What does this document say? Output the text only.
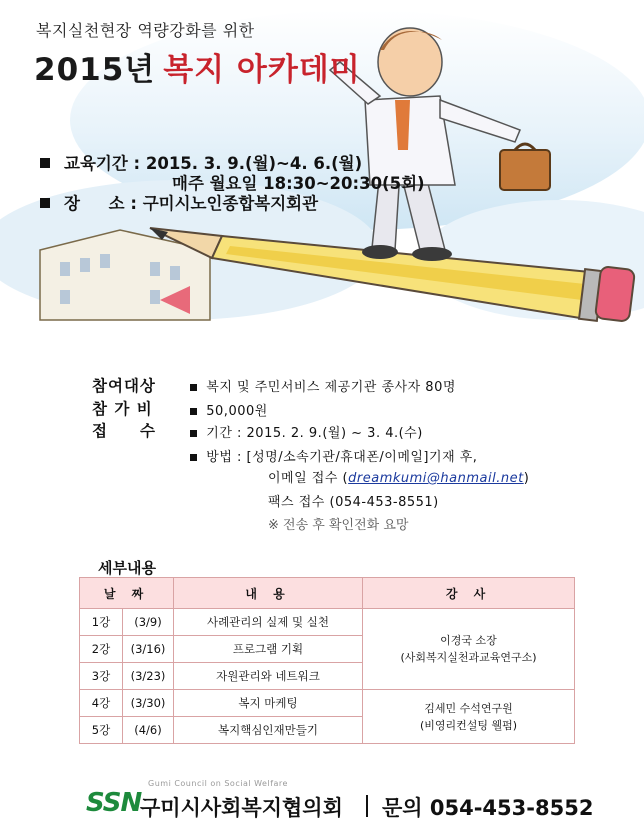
복지실천현장 역량강화를 위한
2015년 복지 아카데미
교육기간 : 2015. 3. 9.(월)~4. 6.(월)
매주 월요일 18:30~20:30(5회)
장     소 : 구미시노인종합복지회관
참여대상	복지 및 주민서비스 제공기관 종사자 80명
참 가 비	50,000원
접     수	기간 : 2015. 2. 9.(월) ~ 3. 4.(수)
방법 : [성명/소속기관/휴대폰/이메일]기재 후,
이메일 접수 (dreamkumi@hanmail.net)
팩스 접수 (054-453-8551)
※ 전송 후 확인전화 요망
세부내용
날 짜		내 용	강 사
1강	(3/9)	사례관리의 실제 및 실천	이경국 소장
(사회복지실천과교육연구소)

2강	(3/16)	프로그램 기획	
3강	(3/23)	자원관리와 네트워크	
4강	(3/30)	복지 마케팅	김세민 수석연구원
(비영리컨설팅 웰펌)

5강	(4/6)	복지핵심인재만들기	
Gumi Council on Social Welfare
SSN
구미시사회복지협의회 문의 054-453-8552
